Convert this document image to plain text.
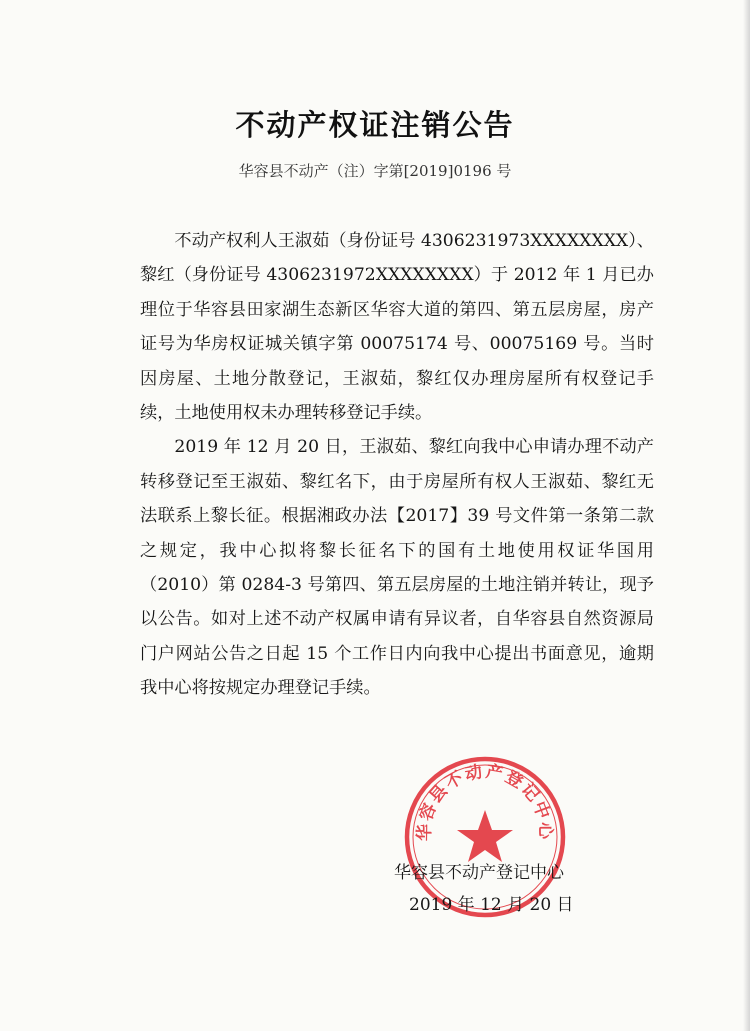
不动产权证注销公告
华容县不动产（注）字第[2019]0196 号

不动产权利人王淑茹（身份证号 4306231973XXXXXXXX）、黎红（身份证号 4306231972XXXXXXXX）于 2012 年 1 月已办理位于华容县田家湖生态新区华容大道的第四、第五层房屋，房产证号为华房权证城关镇字第 00075174 号、00075169 号。当时因房屋、土地分散登记，王淑茹，黎红仅办理房屋所有权登记手续，土地使用权未办理转移登记手续。

2019 年 12 月 20 日，王淑茹、黎红向我中心申请办理不动产转移登记至王淑茹、黎红名下，由于房屋所有权人王淑茹、黎红无法联系上黎长征。根据湘政办法【2017】39 号文件第一条第二款之规定，我中心拟将黎长征名下的国有土地使用权证华国用（2010）第 0284-3 号第四、第五层房屋的土地注销并转让，现予以公告。如对上述不动产权属申请有异议者，自华容县自然资源局门户网站公告之日起 15 个工作日内向我中心提出书面意见，逾期我中心将按规定办理登记手续。

华容县不动产登记中心
华容县不动产登记中心
2019 年 12 月 20 日
